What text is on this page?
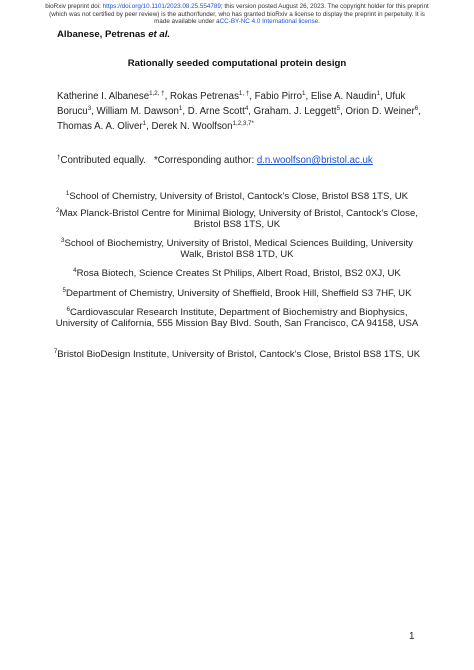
bioRxiv preprint doi: https://doi.org/10.1101/2023.08.25.554789; this version posted August 26, 2023. The copyright holder for this preprint
(which was not certified by peer review) is the author/funder, who has granted bioRxiv a license to display the preprint in perpetuity. It is
made available under aCC-BY-NC 4.0 International license.
Albanese, Petrenas et al.
Rationally seeded computational protein design
Katherine I. Albanese$^{1,2, \dagger}$, Rokas Petrenas$^{1, \dagger}$, Fabio Pirro$^1$, Elise A. Naudin$^1$, Ufuk Borucu$^3$, William M. Dawson$^1$, D. Arne Scott$^4$, Graham. J. Leggett$^5$, Orion D. Weiner$^6$, Thomas A. A. Oliver$^1$, Derek N. Woolfson$^{1,2,3,7*}$
†Contributed equally. *Corresponding author: d.n.woolfson@bristol.ac.uk
$^1$School of Chemistry, University of Bristol, Cantock’s Close, Bristol BS8 1TS, UK
$^2$Max Planck-Bristol Centre for Minimal Biology, University of Bristol, Cantock’s Close, Bristol BS8 1TS, UK
$^3$School of Biochemistry, University of Bristol, Medical Sciences Building, University Walk, Bristol BS8 1TD, UK
$^4$Rosa Biotech, Science Creates St Philips, Albert Road, Bristol, BS2 0XJ, UK
$^5$Department of Chemistry, University of Sheffield, Brook Hill, Sheffield S3 7HF, UK
$^6$Cardiovascular Research Institute, Department of Biochemistry and Biophysics, University of California, 555 Mission Bay Blvd. South, San Francisco, CA 94158, USA
$^7$Bristol BioDesign Institute, University of Bristol, Cantock’s Close, Bristol BS8 1TS, UK
1
